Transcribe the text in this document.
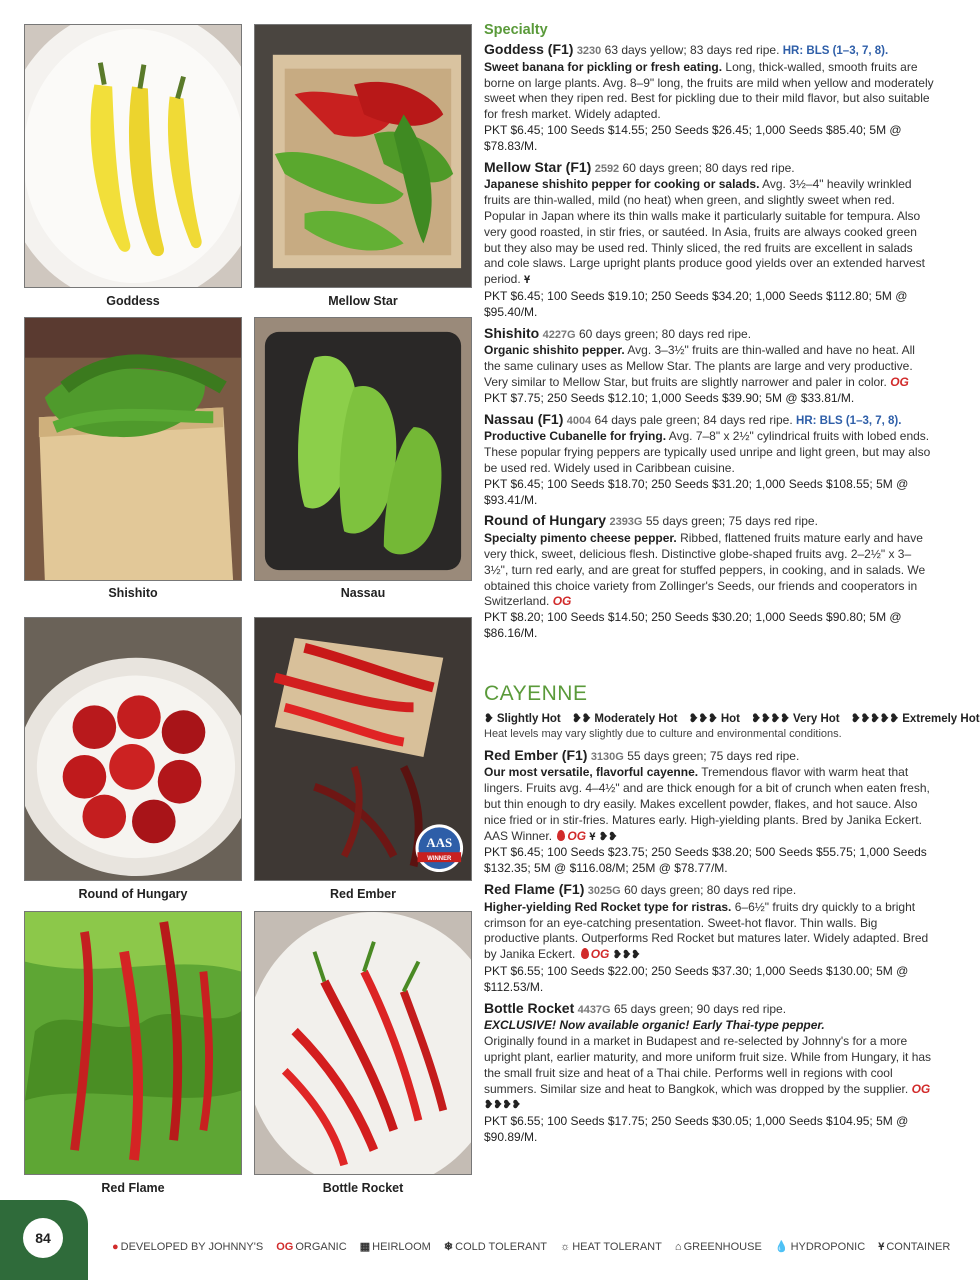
Goddess	Mellow Star
Shishito	Nassau
Round of Hungary
AAS
WINNER
Red Ember
Red Flame	Bottle Rocket
Specialty
Goddess (F1) 3230 63 days yellow; 83 days red ripe. HR: BLS (1–3, 7, 8).
Sweet banana for pickling or fresh eating. Long, thick-walled, smooth fruits are borne on large plants. Avg. 8–9" long, the fruits are mild when yellow and moderately sweet when they ripen red. Best for pickling due to their mild flavor, but also suitable for fresh market. Widely adapted.
PKT $6.45; 100 Seeds $14.55; 250 Seeds $26.45; 1,000 Seeds $85.40; 5M @ $78.83/M.
Mellow Star (F1) 2592 60 days green; 80 days red ripe.
Japanese shishito pepper for cooking or salads. Avg. 3½–4" heavily wrinkled fruits are thin-walled, mild (no heat) when green, and slightly sweet when red. Popular in Japan where its thin walls make it particularly suitable for tempura. Also very good roasted, in stir fries, or sautéed. In Asia, fruits are always cooked green but they also may be used red. Thinly sliced, the red fruits are excellent in salads and cole slaws. Large upright plants produce good yields over an extended harvest period. Ұ
PKT $6.45; 100 Seeds $19.10; 250 Seeds $34.20; 1,000 Seeds $112.80; 5M @ $95.40/M.
Shishito 4227G 60 days green; 80 days red ripe.
Organic shishito pepper. Avg. 3–3½" fruits are thin-walled and have no heat. All the same culinary uses as Mellow Star. The plants are large and very productive. Very similar to Mellow Star, but fruits are slightly narrower and paler in color. OG
PKT $7.75; 250 Seeds $12.10; 1,000 Seeds $39.90; 5M @ $33.81/M.
Nassau (F1) 4004 64 days pale green; 84 days red ripe. HR: BLS (1–3, 7, 8).
Productive Cubanelle for frying. Avg. 7–8" x 2½" cylindrical fruits with lobed ends. These popular frying peppers are typically used unripe and light green, but may also be used red. Widely used in Caribbean cuisine.
PKT $6.45; 100 Seeds $18.70; 250 Seeds $31.20; 1,000 Seeds $108.55; 5M @ $93.41/M.
Round of Hungary 2393G 55 days green; 75 days red ripe.
Specialty pimento cheese pepper. Ribbed, flattened fruits mature early and have very thick, sweet, delicious flesh. Distinctive globe-shaped fruits avg. 2–2½" x 3–3½", turn red early, and are great for stuffed peppers, in cooking, and in salads. We obtained this choice variety from Zollinger's Seeds, our friends and cooperators in Switzerland. OG
PKT $8.20; 100 Seeds $14.50; 250 Seeds $30.20; 1,000 Seeds $90.80; 5M @ $86.16/M.
CAYENNE
❥ Slightly Hot ❥❥ Moderately Hot ❥❥❥ Hot ❥❥❥❥ Very Hot ❥❥❥❥❥ Extremely Hot
Heat levels may vary slightly due to culture and environmental conditions.
Red Ember (F1) 3130G 55 days green; 75 days red ripe.
Our most versatile, flavorful cayenne. Tremendous flavor with warm heat that lingers. Fruits avg. 4–4½" and are thick enough for a bit of crunch when eaten fresh, but thin enough to dry easily. Makes excellent powder, flakes, and hot sauce. Also nice fried or in stir-fries. Matures early. High-yielding plants. Bred by Janika Eckert. AAS Winner. OG Ұ ❥❥
PKT $6.45; 100 Seeds $23.75; 250 Seeds $38.20; 500 Seeds $55.75; 1,000 Seeds $132.35; 5M @ $116.08/M; 25M @ $78.77/M.
Red Flame (F1) 3025G 60 days green; 80 days red ripe.
Higher-yielding Red Rocket type for ristras. 6–6½" fruits dry quickly to a bright crimson for an eye-catching presentation. Sweet-hot flavor. Thin walls. Big productive plants. Outperforms Red Rocket but matures later. Widely adapted. Bred by Janika Eckert. OG ❥❥❥
PKT $6.55; 100 Seeds $22.00; 250 Seeds $37.30; 1,000 Seeds $130.00; 5M @ $112.53/M.
Bottle Rocket 4437G 65 days green; 90 days red ripe.
EXCLUSIVE! Now available organic! Early Thai-type pepper.
Originally found in a market in Budapest and re-selected by Johnny's for a more upright plant, earlier maturity, and more uniform fruit size. While from Hungary, it has the small fruit size and heat of a Thai chile. Performs well in regions with cool summers. Similar size and heat to Bangkok, which was dropped by the supplier. OG ❥❥❥❥
PKT $6.55; 100 Seeds $17.75; 250 Seeds $30.05; 1,000 Seeds $104.95; 5M @ $90.89/M.
84
● DEVELOPED BY JOHNNY'S OG ORGANIC ▦ HEIRLOOM ❄ COLD TOLERANT ☼ HEAT TOLERANT ⌂ GREENHOUSE 💧 HYDROPONIC Ұ CONTAINER
